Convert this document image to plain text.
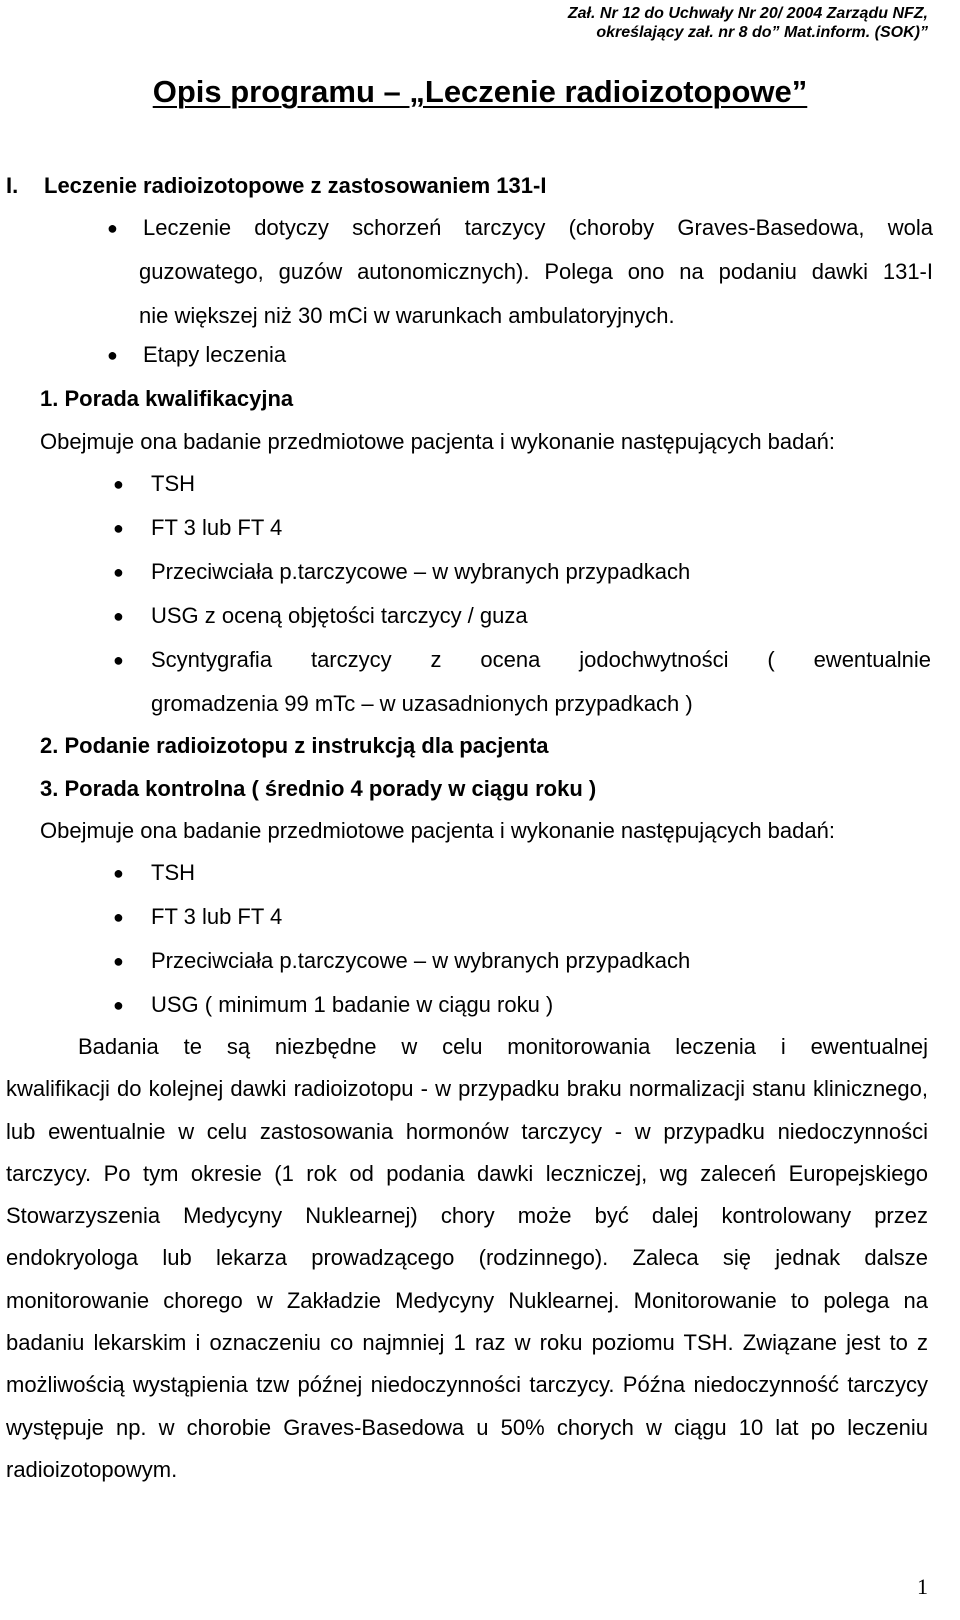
Zał. Nr 12 do Uchwały Nr 20/ 2004 Zarządu NFZ,
określający zał. nr 8 do” Mat.inform. (SOK)”
Opis programu – „Leczenie radioizotopowe”
I. Leczenie radioizotopowe z zastosowaniem 131-I
● Leczenie dotyczy schorzeń tarczycy (choroby Graves-Basedowa, wola
guzowatego, guzów autonomicznych). Polega ono na podaniu dawki 131-I
nie większej niż 30 mCi w warunkach ambulatoryjnych.
● Etapy leczenia
1. Porada kwalifikacyjna
Obejmuje ona badanie przedmiotowe pacjenta i wykonanie następujących badań:
● TSH
● FT 3 lub FT 4
● Przeciwciała p.tarczycowe – w wybranych przypadkach
● USG z oceną objętości tarczycy / guza
● Scyntygrafia tarczycy z ocena jodochwytności ( ewentualnie
gromadzenia 99 mTc – w uzasadnionych przypadkach )
2. Podanie radioizotopu z instrukcją dla pacjenta
3. Porada kontrolna ( średnio 4 porady w ciągu roku )
Obejmuje ona badanie przedmiotowe pacjenta i wykonanie następujących badań:
● TSH
● FT 3 lub FT 4
● Przeciwciała p.tarczycowe – w wybranych przypadkach
● USG ( minimum 1 badanie w ciągu roku )
Badania te są niezbędne w celu monitorowania leczenia i ewentualnej
kwalifikacji do kolejnej dawki radioizotopu - w przypadku braku normalizacji stanu klinicznego, lub ewentualnie w celu zastosowania hormonów tarczycy - w przypadku niedoczynności tarczycy. Po tym okresie (1 rok od podania dawki leczniczej, wg zaleceń Europejskiego Stowarzyszenia Medycyny Nuklearnej) chory może być dalej kontrolowany przez endokryologa lub lekarza prowadzącego (rodzinnego). Zaleca się jednak dalsze monitorowanie chorego w Zakładzie Medycyny Nuklearnej. Monitorowanie to polega na badaniu lekarskim i oznaczeniu co najmniej 1 raz w roku poziomu TSH. Związane jest to z możliwością wystąpienia tzw późnej niedoczynności tarczycy. Późna niedoczynność tarczycy występuje np. w chorobie Graves-Basedowa u 50% chorych w ciągu 10 lat po leczeniu radioizotopowym.
1
